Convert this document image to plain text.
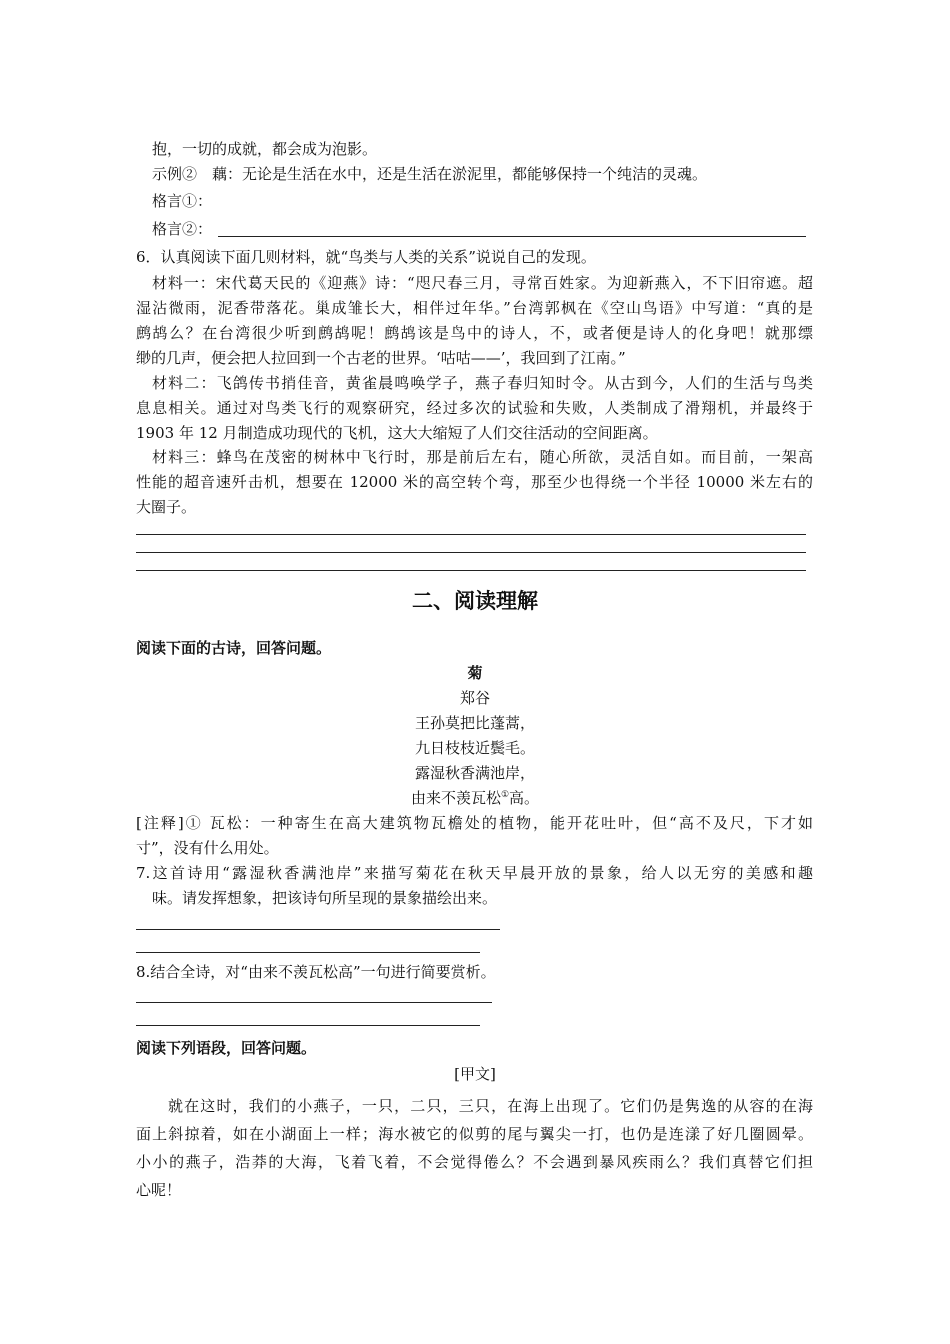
抱，一切的成就，都会成为泡影。
示例②　藕：无论是生活在水中，还是生活在淤泥里，都能够保持一个纯洁的灵魂。
格言①：
格言②：
6．认真阅读下面几则材料，就“鸟类与人类的关系”说说自己的发现。
材料一：宋代葛天民的《迎燕》诗：“咫尺春三月，寻常百姓家。为迎新燕入，不下旧帘遮。超
湿沾微雨，泥香带落花。巢成雏长大，相伴过年华。”台湾郭枫在《空山鸟语》中写道：“真的是
鹧鸪么？在台湾很少听到鹧鸪呢！鹧鸪该是鸟中的诗人，不，或者便是诗人的化身吧！就那缥
缈的几声，便会把人拉回到一个古老的世界。‘咕咕——’，我回到了江南。”
材料二：飞鸽传书捎佳音，黄雀晨鸣唤学子，燕子春归知时令。从古到今，人们的生活与鸟类
息息相关。通过对鸟类飞行的观察研究，经过多次的试验和失败，人类制成了滑翔机，并最终于
1903 年 12 月制造成功现代的飞机，这大大缩短了人们交往活动的空间距离。
材料三：蜂鸟在茂密的树林中飞行时，那是前后左右，随心所欲，灵活自如。而目前，一架高
性能的超音速歼击机，想要在 12000 米的高空转个弯，那至少也得绕一个半径 10000 米左右的
大圈子。
二、阅读理解
阅读下面的古诗，回答问题。
菊
郑谷
王孙莫把比蓬蒿，
九日枝枝近鬓毛。
露湿秋香满池岸，
由来不羡瓦松①高。
[注释]① 瓦松：一种寄生在高大建筑物瓦檐处的植物，能开花吐叶，但“高不及尺，下才如
寸”，没有什么用处。
7.这首诗用“露湿秋香满池岸”来描写菊花在秋天早晨开放的景象，给人以无穷的美感和趣
味。请发挥想象，把该诗句所呈现的景象描绘出来。
8.结合全诗，对“由来不羡瓦松高”一句进行简要赏析。
阅读下列语段，回答问题。
[甲文]
就在这时，我们的小燕子，一只，二只，三只，在海上出现了。它们仍是隽逸的从容的在海
面上斜掠着，如在小湖面上一样；海水被它的似剪的尾与翼尖一打，也仍是连漾了好几圈圆晕。
小小的燕子，浩莽的大海，飞着飞着，不会觉得倦么？不会遇到暴风疾雨么？我们真替它们担
心呢！
